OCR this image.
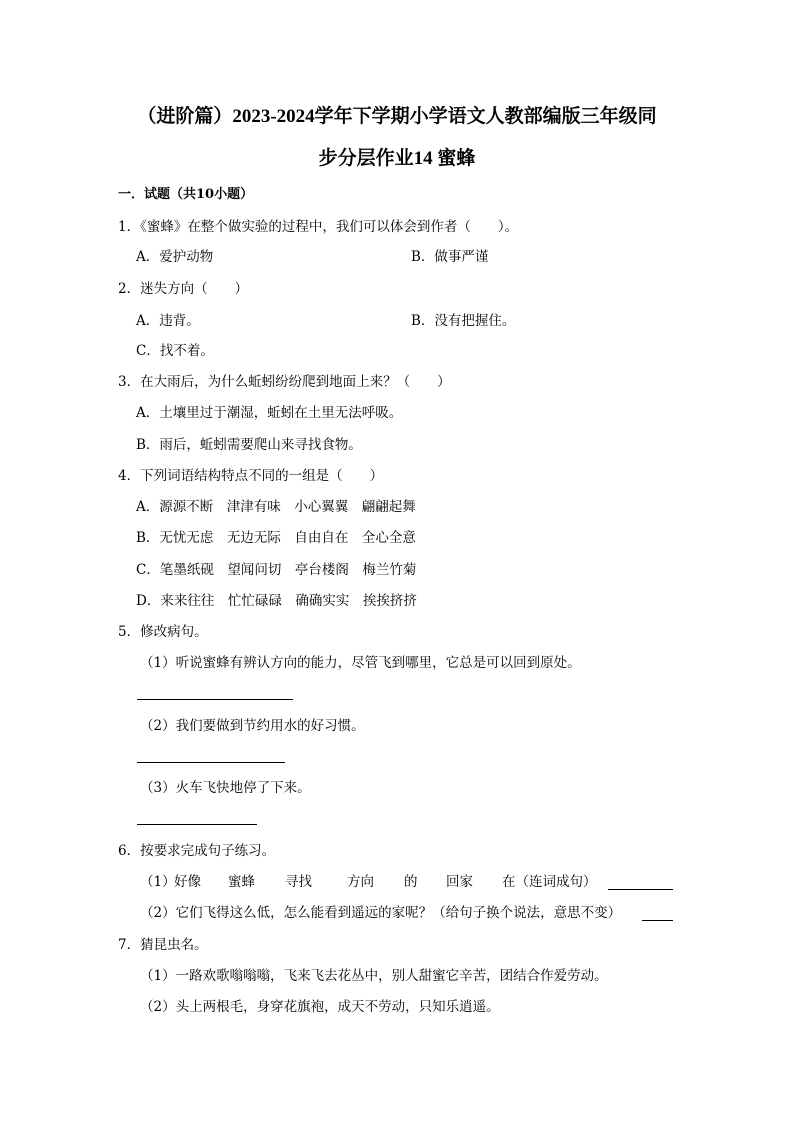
（进阶篇）2023-2024学年下学期小学语文人教部编版三年级同
步分层作业14 蜜蜂
一．试题（共10小题）
1．《蜜蜂》在整个做实验的过程中，我们可以体会到作者（　　）。
A．爱护动物	B．做事严谨
2．迷失方向（　　）
A．违背。	B．没有把握住。
C．找不着。
3．在大雨后，为什么蚯蚓纷纷爬到地面上来？（　　）
A．土壤里过于潮湿，蚯蚓在土里无法呼吸。
B．雨后，蚯蚓需要爬山来寻找食物。
4．下列词语结构特点不同的一组是（　　）
A．源源不断　津津有味　小心翼翼　翩翩起舞
B．无忧无虑　无边无际　自由自在　全心全意
C．笔墨纸砚　望闻问切　亭台楼阁　梅兰竹菊
D．来来往往　忙忙碌碌　确确实实　挨挨挤挤
5．修改病句。
（1）听说蜜蜂有辨认方向的能力，尽管飞到哪里，它总是可以回到原处。
（2）我们要做到节约用水的好习惯。
（3）火车飞快地停了下来。
6．按要求完成句子练习。
（1）
好像 蜜蜂 寻找	方向 的 回家 在（连词成句）
（2）它们飞得这么低，怎么能看到遥远的家呢？（给句子换个说法，意思不变）
7．猜昆虫名。
（1）一路欢歌嗡嗡嗡，飞来飞去花丛中，别人甜蜜它辛苦，团结合作爱劳动。
（2）头上两根毛，身穿花旗袍，成天不劳动，只知乐逍遥。
